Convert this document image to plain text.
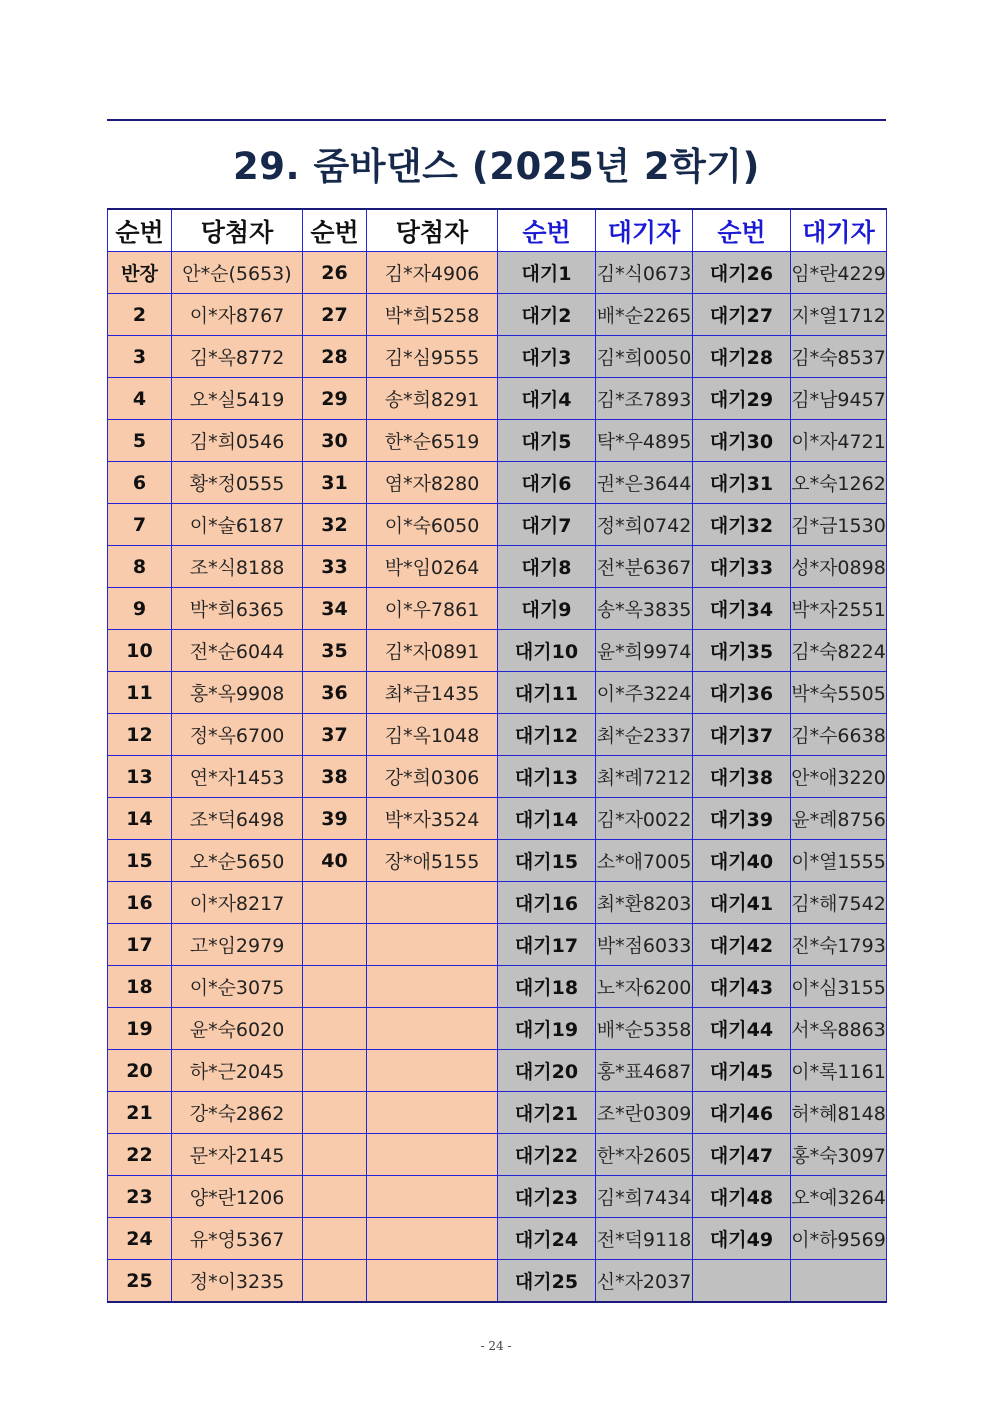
29. 줌바댄스 (2025년 2학기)
순번	당첨자	순번	당첨자	순번	대기자	순번	대기자
반장	안*순(5653)	26	김*자4906	대기1	김*식0673	대기26	임*란4229
2	이*자8767	27	박*희5258	대기2	배*순2265	대기27	지*열1712
3	김*옥8772	28	김*심9555	대기3	김*희0050	대기28	김*숙8537
4	오*실5419	29	송*희8291	대기4	김*조7893	대기29	김*남9457
5	김*희0546	30	한*순6519	대기5	탁*우4895	대기30	이*자4721
6	황*정0555	31	염*자8280	대기6	권*은3644	대기31	오*숙1262
7	이*술6187	32	이*숙6050	대기7	정*희0742	대기32	김*금1530
8	조*식8188	33	박*임0264	대기8	전*분6367	대기33	성*자0898
9	박*희6365	34	이*우7861	대기9	송*옥3835	대기34	박*자2551
10	전*순6044	35	김*자0891	대기10	윤*희9974	대기35	김*숙8224
11	홍*옥9908	36	최*금1435	대기11	이*주3224	대기36	박*숙5505
12	정*옥6700	37	김*옥1048	대기12	최*순2337	대기37	김*수6638
13	연*자1453	38	강*희0306	대기13	최*례7212	대기38	안*애3220
14	조*덕6498	39	박*자3524	대기14	김*자0022	대기39	윤*례8756
15	오*순5650	40	장*애5155	대기15	소*애7005	대기40	이*열1555
16	이*자8217			대기16	최*환8203	대기41	김*해7542
17	고*임2979			대기17	박*점6033	대기42	진*숙1793
18	이*순3075			대기18	노*자6200	대기43	이*심3155
19	윤*숙6020			대기19	배*순5358	대기44	서*옥8863
20	하*근2045			대기20	홍*표4687	대기45	이*록1161
21	강*숙2862			대기21	조*란0309	대기46	허*혜8148
22	문*자2145			대기22	한*자2605	대기47	홍*숙3097
23	양*란1206			대기23	김*희7434	대기48	오*예3264
24	유*영5367			대기24	전*덕9118	대기49	이*하9569
25	정*이3235			대기25	신*자2037		
- 24 -
